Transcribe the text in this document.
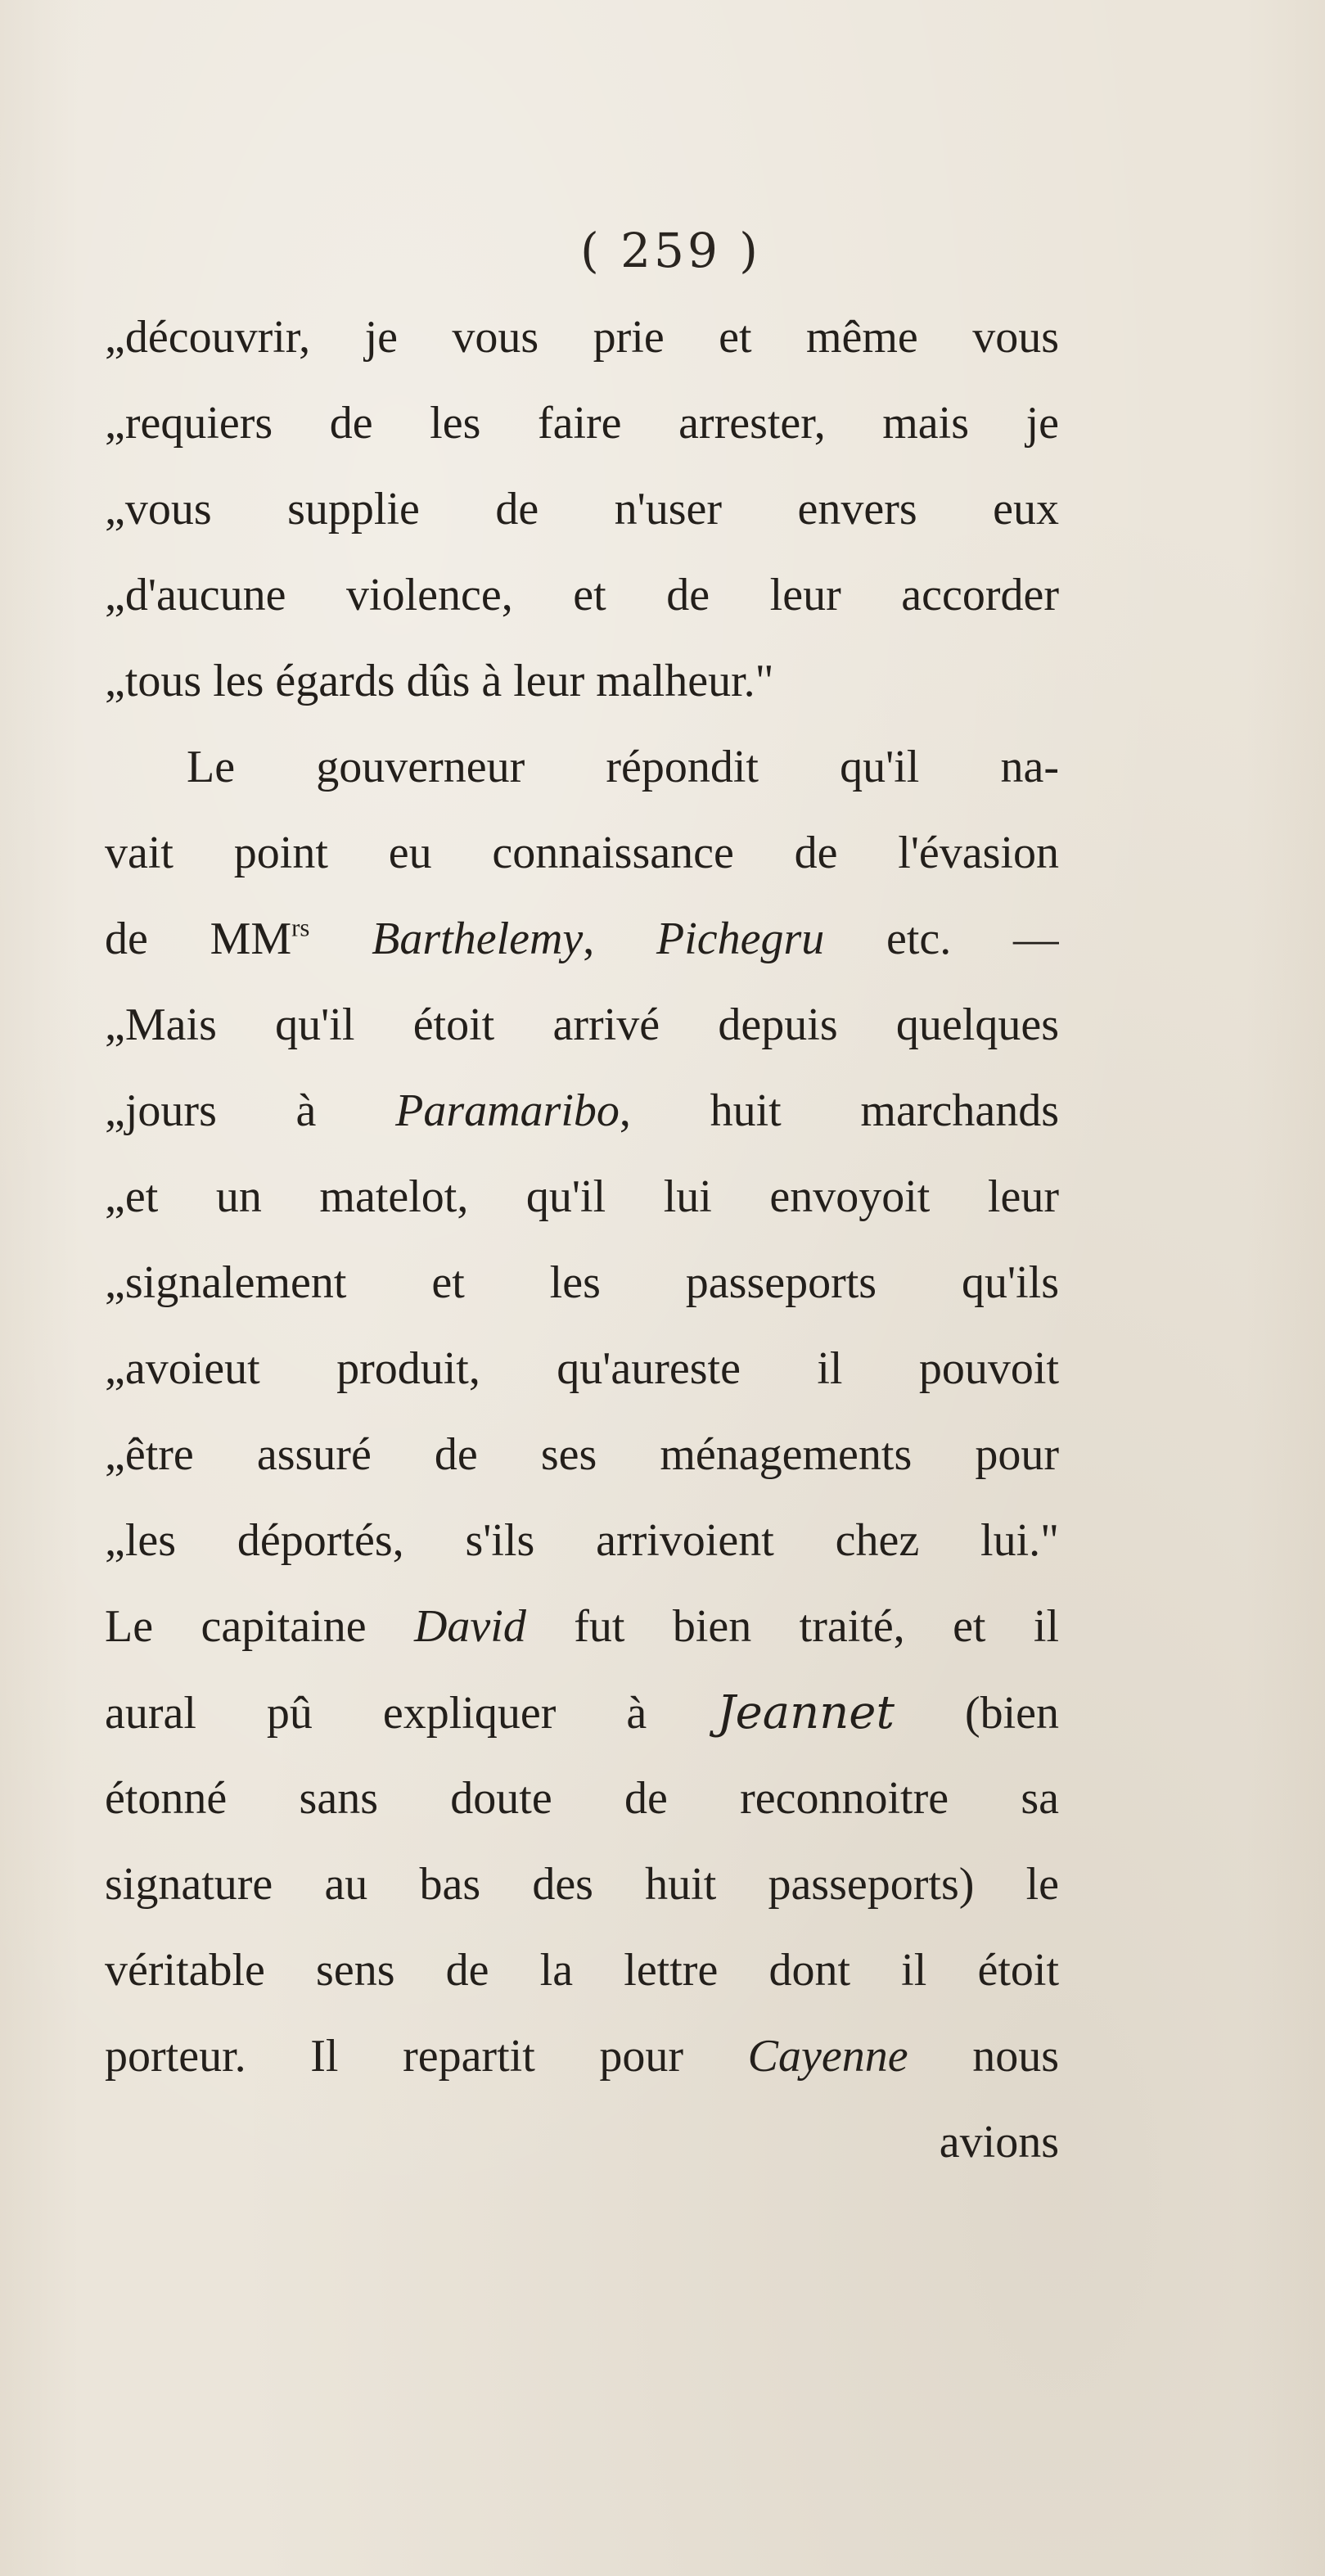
( 259 )
„découvrir, je vous prie et même vous
„requiers de les faire arrester, mais je
„vous supplie de n'user envers eux
„d'aucune violence, et de leur accorder
„tous les égards dûs à leur malheur."
Le gouverneur répondit qu'il na-
vait point eu connaissance de l'évasion
de $MM^{rs}$ Barthelemy, Pichegru etc. —
„Mais qu'il étoit arrivé depuis quelques
„jours à Paramaribo, huit marchands
„et un matelot, qu'il lui envoyoit leur
„signalement et les passeports qu'ils
„avoieut produit, qu'aureste il pouvoit
„être assuré de ses ménagements pour
„les déportés, s'ils arrivoient chez lui."
Le capitaine David fut bien traité, et il
aural pû expliquer à Jeannet (bien
étonné sans doute de reconnoitre sa
signature au bas des huit passeports) le
véritable sens de la lettre dont il étoit
porteur. Il repartit pour Cayenne nous
avions
